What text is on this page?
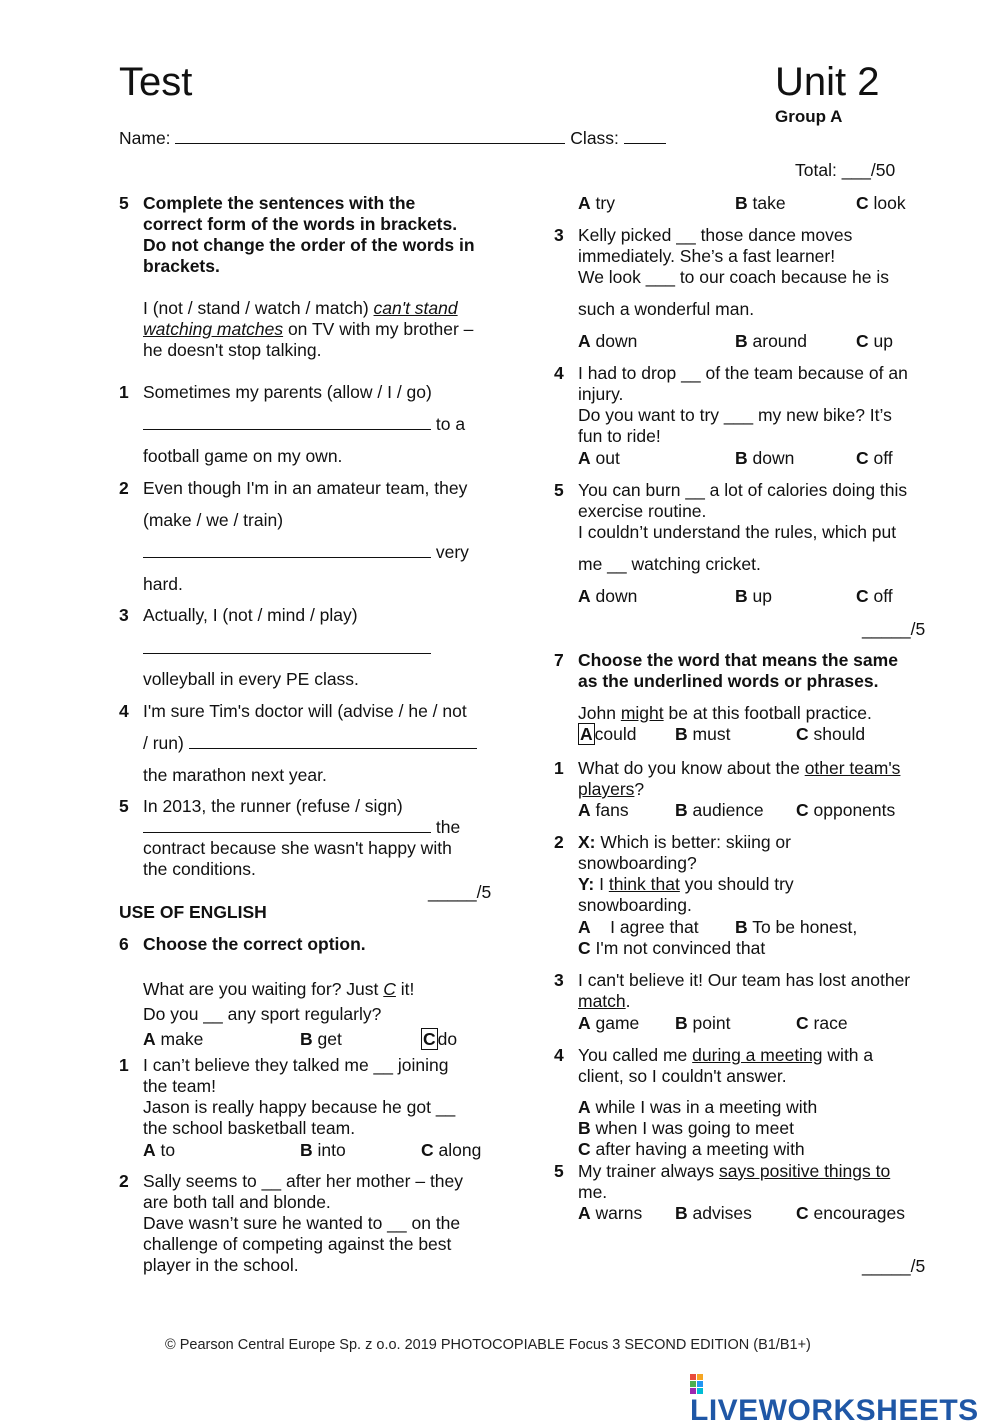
Test	Unit 2
Group A
Name:	Class:
Total: ___/50
5 Complete the sentences with the
correct form of the words in brackets.
Do not change the order of the words in
brackets.
I (not / stand / watch / match) can't stand
watching matches on TV with my brother –
he doesn't stop talking.
1 Sometimes my parents (allow / I / go)
to a
football game on my own.
2 Even though I'm in an amateur team, they
(make / we / train)
very
hard.
3 Actually, I (not / mind / play)
volleyball in every PE class.
4 I'm sure Tim's doctor will (advise / he / not
/ run)
the marathon next year.
5 In 2013, the runner (refuse / sign)
the
contract because she wasn't happy with
the conditions.
_____/5
USE OF ENGLISH
6 Choose the correct option.
What are you waiting for? Just C it!
Do you __ any sport regularly?
A make	B get	C do
1 I can’t believe they talked me __ joining
the team!
Jason is really happy because he got __
the school basketball team.
A to	B into	C along
2 Sally seems to __ after her mother – they
are both tall and blonde.
Dave wasn’t sure he wanted to __ on the
challenge of competing against the best
player in the school.
A try	B take	C look
3 Kelly picked __ those dance moves
immediately. She’s a fast learner!
We look ___ to our coach because he is
such a wonderful man.
A down	B around	C up
4 I had to drop __ of the team because of an
injury.
Do you want to try ___ my new bike? It’s
fun to ride!
A out	B down	C off
5 You can burn __ a lot of calories doing this
exercise routine.
I couldn’t understand the rules, which put
me __ watching cricket.
A down	B up	C off
_____/5
7 Choose the word that means the same
as the underlined words or phrases.
John might be at this football practice.
A could B must	C should
1 What do you know about the other team's
players?
A fans	B audience C opponents
2 X: Which is better: skiing or
snowboarding?
Y: I think that you should try
snowboarding.
A I agree that B To be honest,
C I'm not convinced that
3 I can't believe it! Our team has lost another
match.
A game B point	C race
4 You called me during a meeting with a
client, so I couldn't answer.
A while I was in a meeting with
B when I was going to meet
C after having a meeting with
5 My trainer always says positive things to
me.
A warns B advises	C encourages
_____/5
© Pearson Central Europe Sp. z o.o. 2019 PHOTOCOPIABLE Focus 3 SECOND EDITION (B1/B1+)
LIVEWORKSHEETS
